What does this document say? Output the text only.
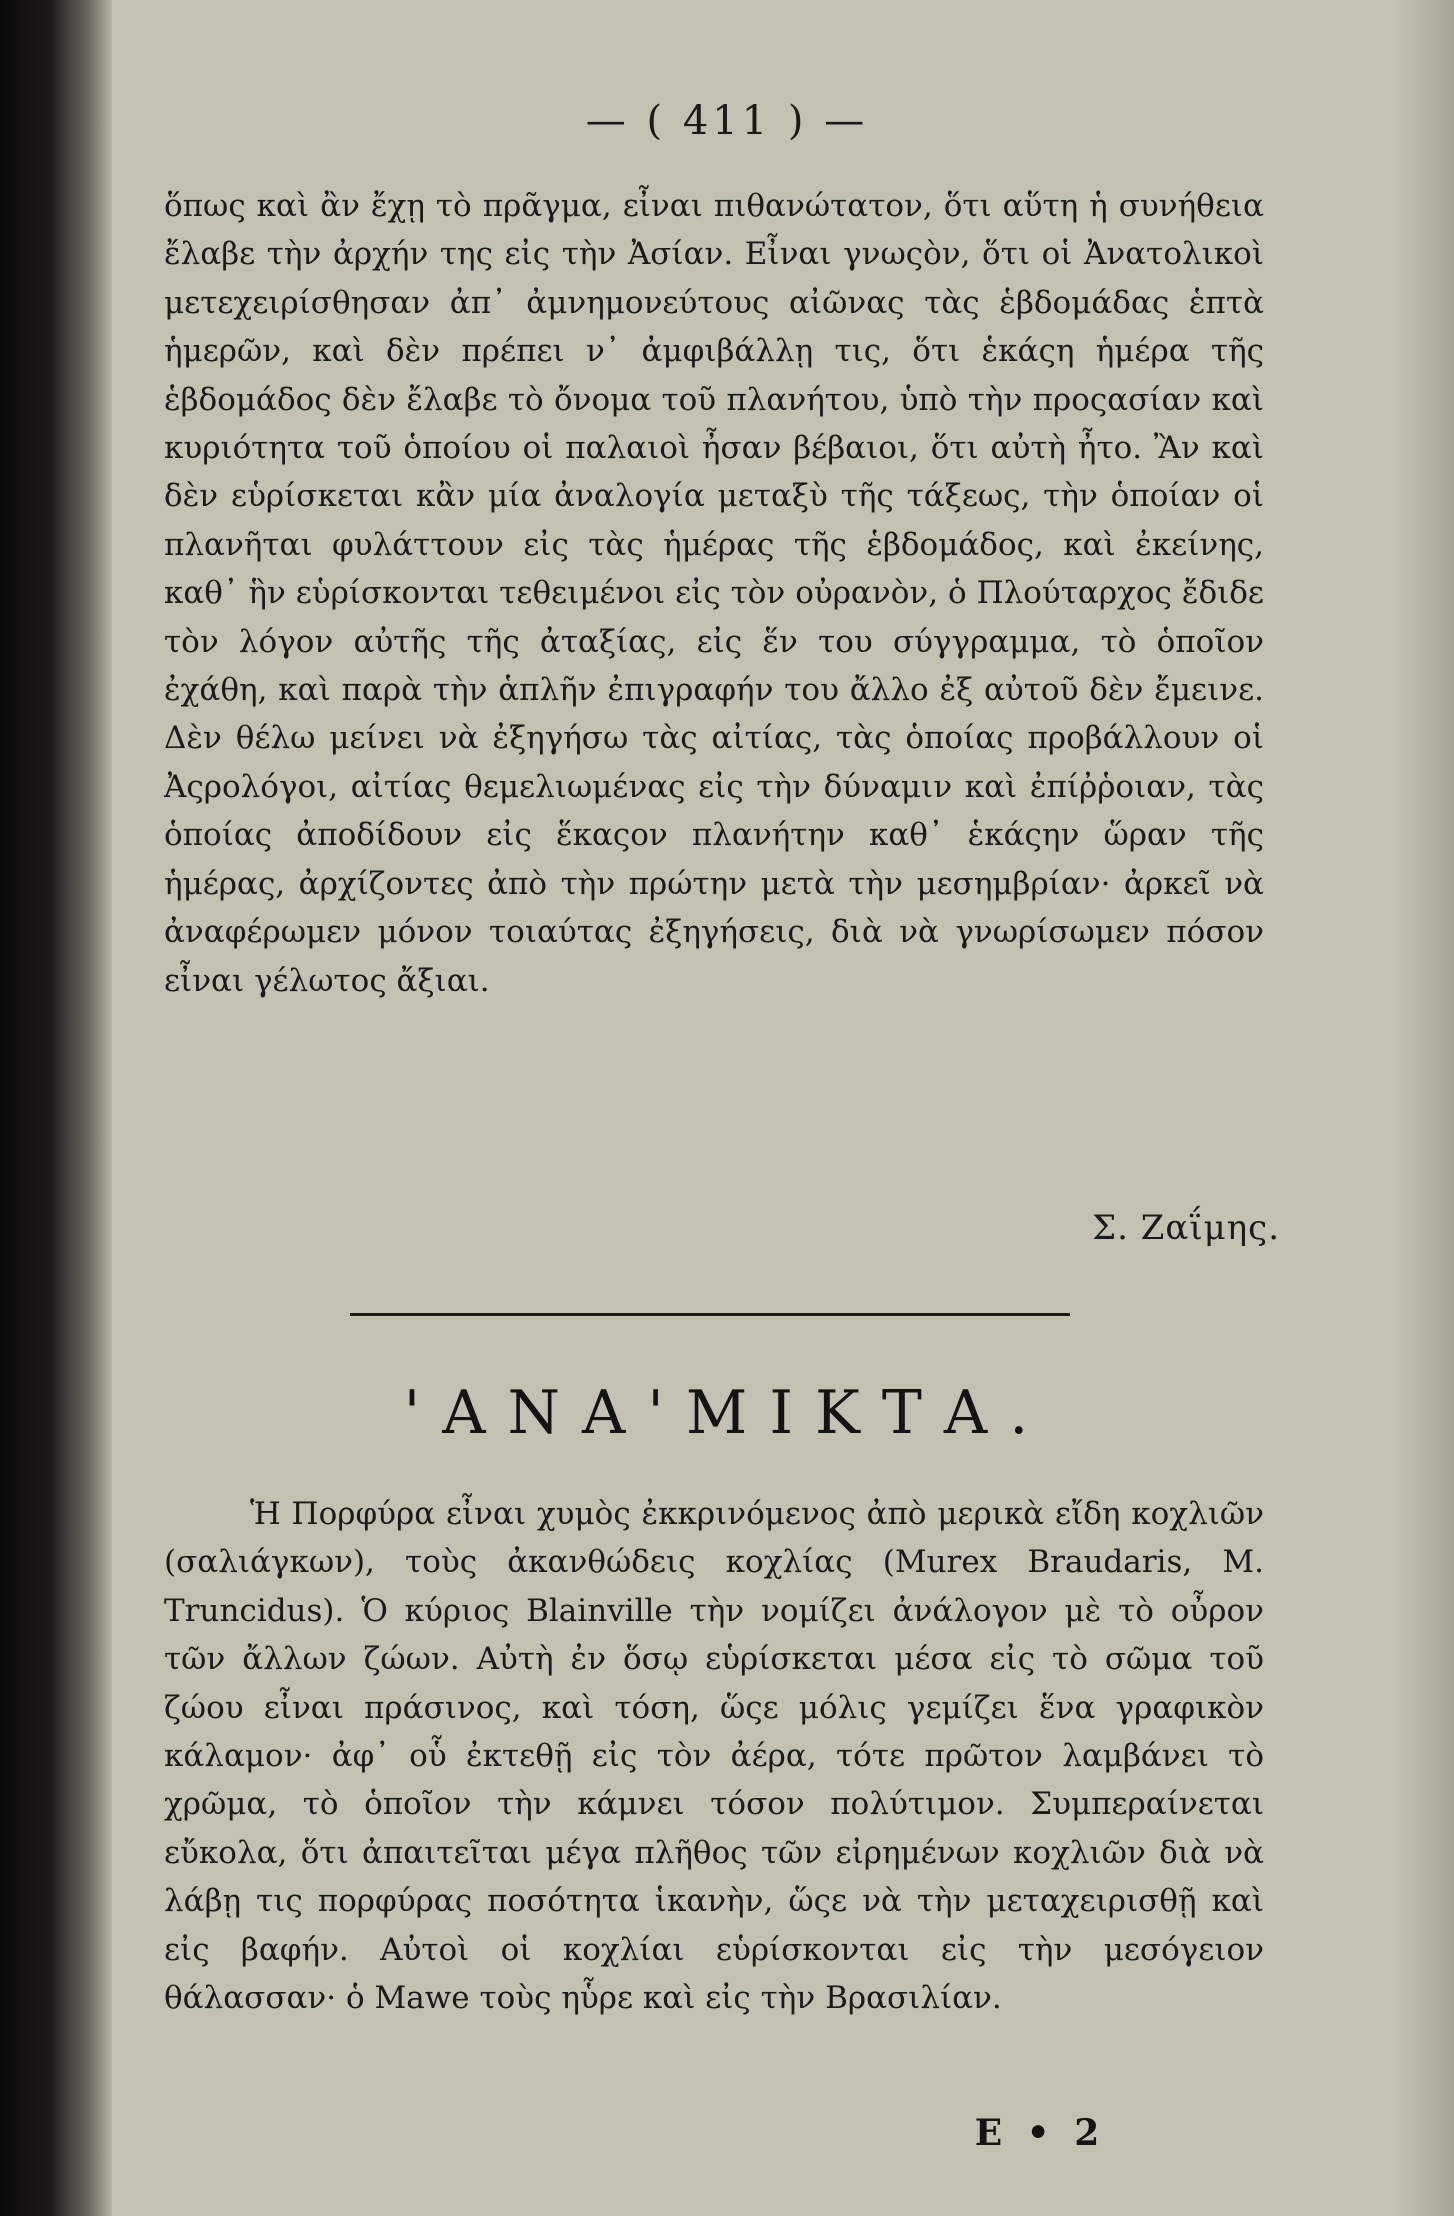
— ( 411 ) —

ὅπως καὶ ἂν ἔχῃ τὸ πρᾶγμα, εἶναι πιθανώτατον, ὅτι αὕτη ἡ συνήθεια ἔλαβε τὴν ἀρχήν της εἰς τὴν Ἀσίαν. Εἶναι γνωςὸν, ὅτι οἱ Ἀνατολικοὶ μετεχειρίσθησαν ἀπ᾿ ἀμνημονεύτους αἰῶνας τὰς ἑβδομάδας ἑπτὰ ἡμερῶν, καὶ δὲν πρέπει ν᾿ ἀμφιβάλλῃ τις, ὅτι ἑκάςη ἡμέρα τῆς ἑβδομάδος δὲν ἔλαβε τὸ ὄνομα τοῦ πλανήτου, ὑπὸ τὴν προςασίαν καὶ κυριότητα τοῦ ὁποίου οἱ παλαιοὶ ἦσαν βέβαιοι, ὅτι αὐτὴ ἦτο. Ἂν καὶ δὲν εὑρίσκεται κἂν μία ἀναλογία μεταξὺ τῆς τάξεως, τὴν ὁποίαν οἱ πλανῆται φυλάττουν εἰς τὰς ἡμέρας τῆς ἑβδομάδος, καὶ ἐκείνης, καθ᾿ ἣν εὑρίσκονται τεθειμένοι εἰς τὸν οὐρανὸν, ὁ Πλούταρχος ἔδιδε τὸν λόγον αὐτῆς τῆς ἀταξίας, εἰς ἕν του σύγγραμμα, τὸ ὁποῖον ἐχάθη, καὶ παρὰ τὴν ἁπλῆν ἐπιγραφήν του ἄλλο ἐξ αὐτοῦ δὲν ἔμεινε. Δὲν θέλω μείνει νὰ ἐξηγήσω τὰς αἰτίας, τὰς ὁποίας προβάλλουν οἱ Ἀςρολόγοι, αἰτίας θεμελιωμένας εἰς τὴν δύναμιν καὶ ἐπίῤῥοιαν, τὰς ὁποίας ἀποδίδουν εἰς ἕκαςον πλανήτην καθ᾿ ἑκάςην ὥραν τῆς ἡμέρας, ἀρχίζοντες ἀπὸ τὴν πρώτην μετὰ τὴν μεσημβρίαν· ἀρκεῖ νὰ ἀναφέρωμεν μόνον τοιαύτας ἐξηγήσεις, διὰ νὰ γνωρίσωμεν πόσον εἶναι γέλωτος ἄξιαι.

Σ. Ζαΐμης.
'ΑΝΑ'ΜΙΚΤΑ.

Ἡ Πορφύρα εἶναι χυμὸς ἐκκρινόμενος ἀπὸ μερικὰ εἴδη κοχλιῶν (σαλιάγκων), τοὺς ἀκανθώδεις κοχλίας (Murex Braudaris, M. Truncidus). Ὁ κύριος Blainville τὴν νομίζει ἀνάλογον μὲ τὸ οὖρον τῶν ἄλλων ζώων. Αὐτὴ ἐν ὅσῳ εὑρίσκεται μέσα εἰς τὸ σῶμα τοῦ ζώου εἶναι πράσινος, καὶ τόση, ὥςε μόλις γεμίζει ἕνα γραφικὸν κάλαμον· ἀφ᾿ οὗ ἐκτεθῇ εἰς τὸν ἀέρα, τότε πρῶτον λαμβάνει τὸ χρῶμα, τὸ ὁποῖον τὴν κάμνει τόσον πολύτιμον. Συμπεραίνεται εὔκολα, ὅτι ἀπαιτεῖται μέγα πλῆθος τῶν εἰρημένων κοχλιῶν διὰ νὰ λάβῃ τις πορφύρας ποσότητα ἱκανὴν, ὥςε νὰ τὴν μεταχειρισθῇ καὶ εἰς βαφήν. Αὐτοὶ οἱ κοχλίαι εὑρίσκονται εἰς τὴν μεσόγειον θάλασσαν· ὁ Mawe τοὺς ηὗρε καὶ εἰς τὴν Βρασιλίαν.

E • 2
